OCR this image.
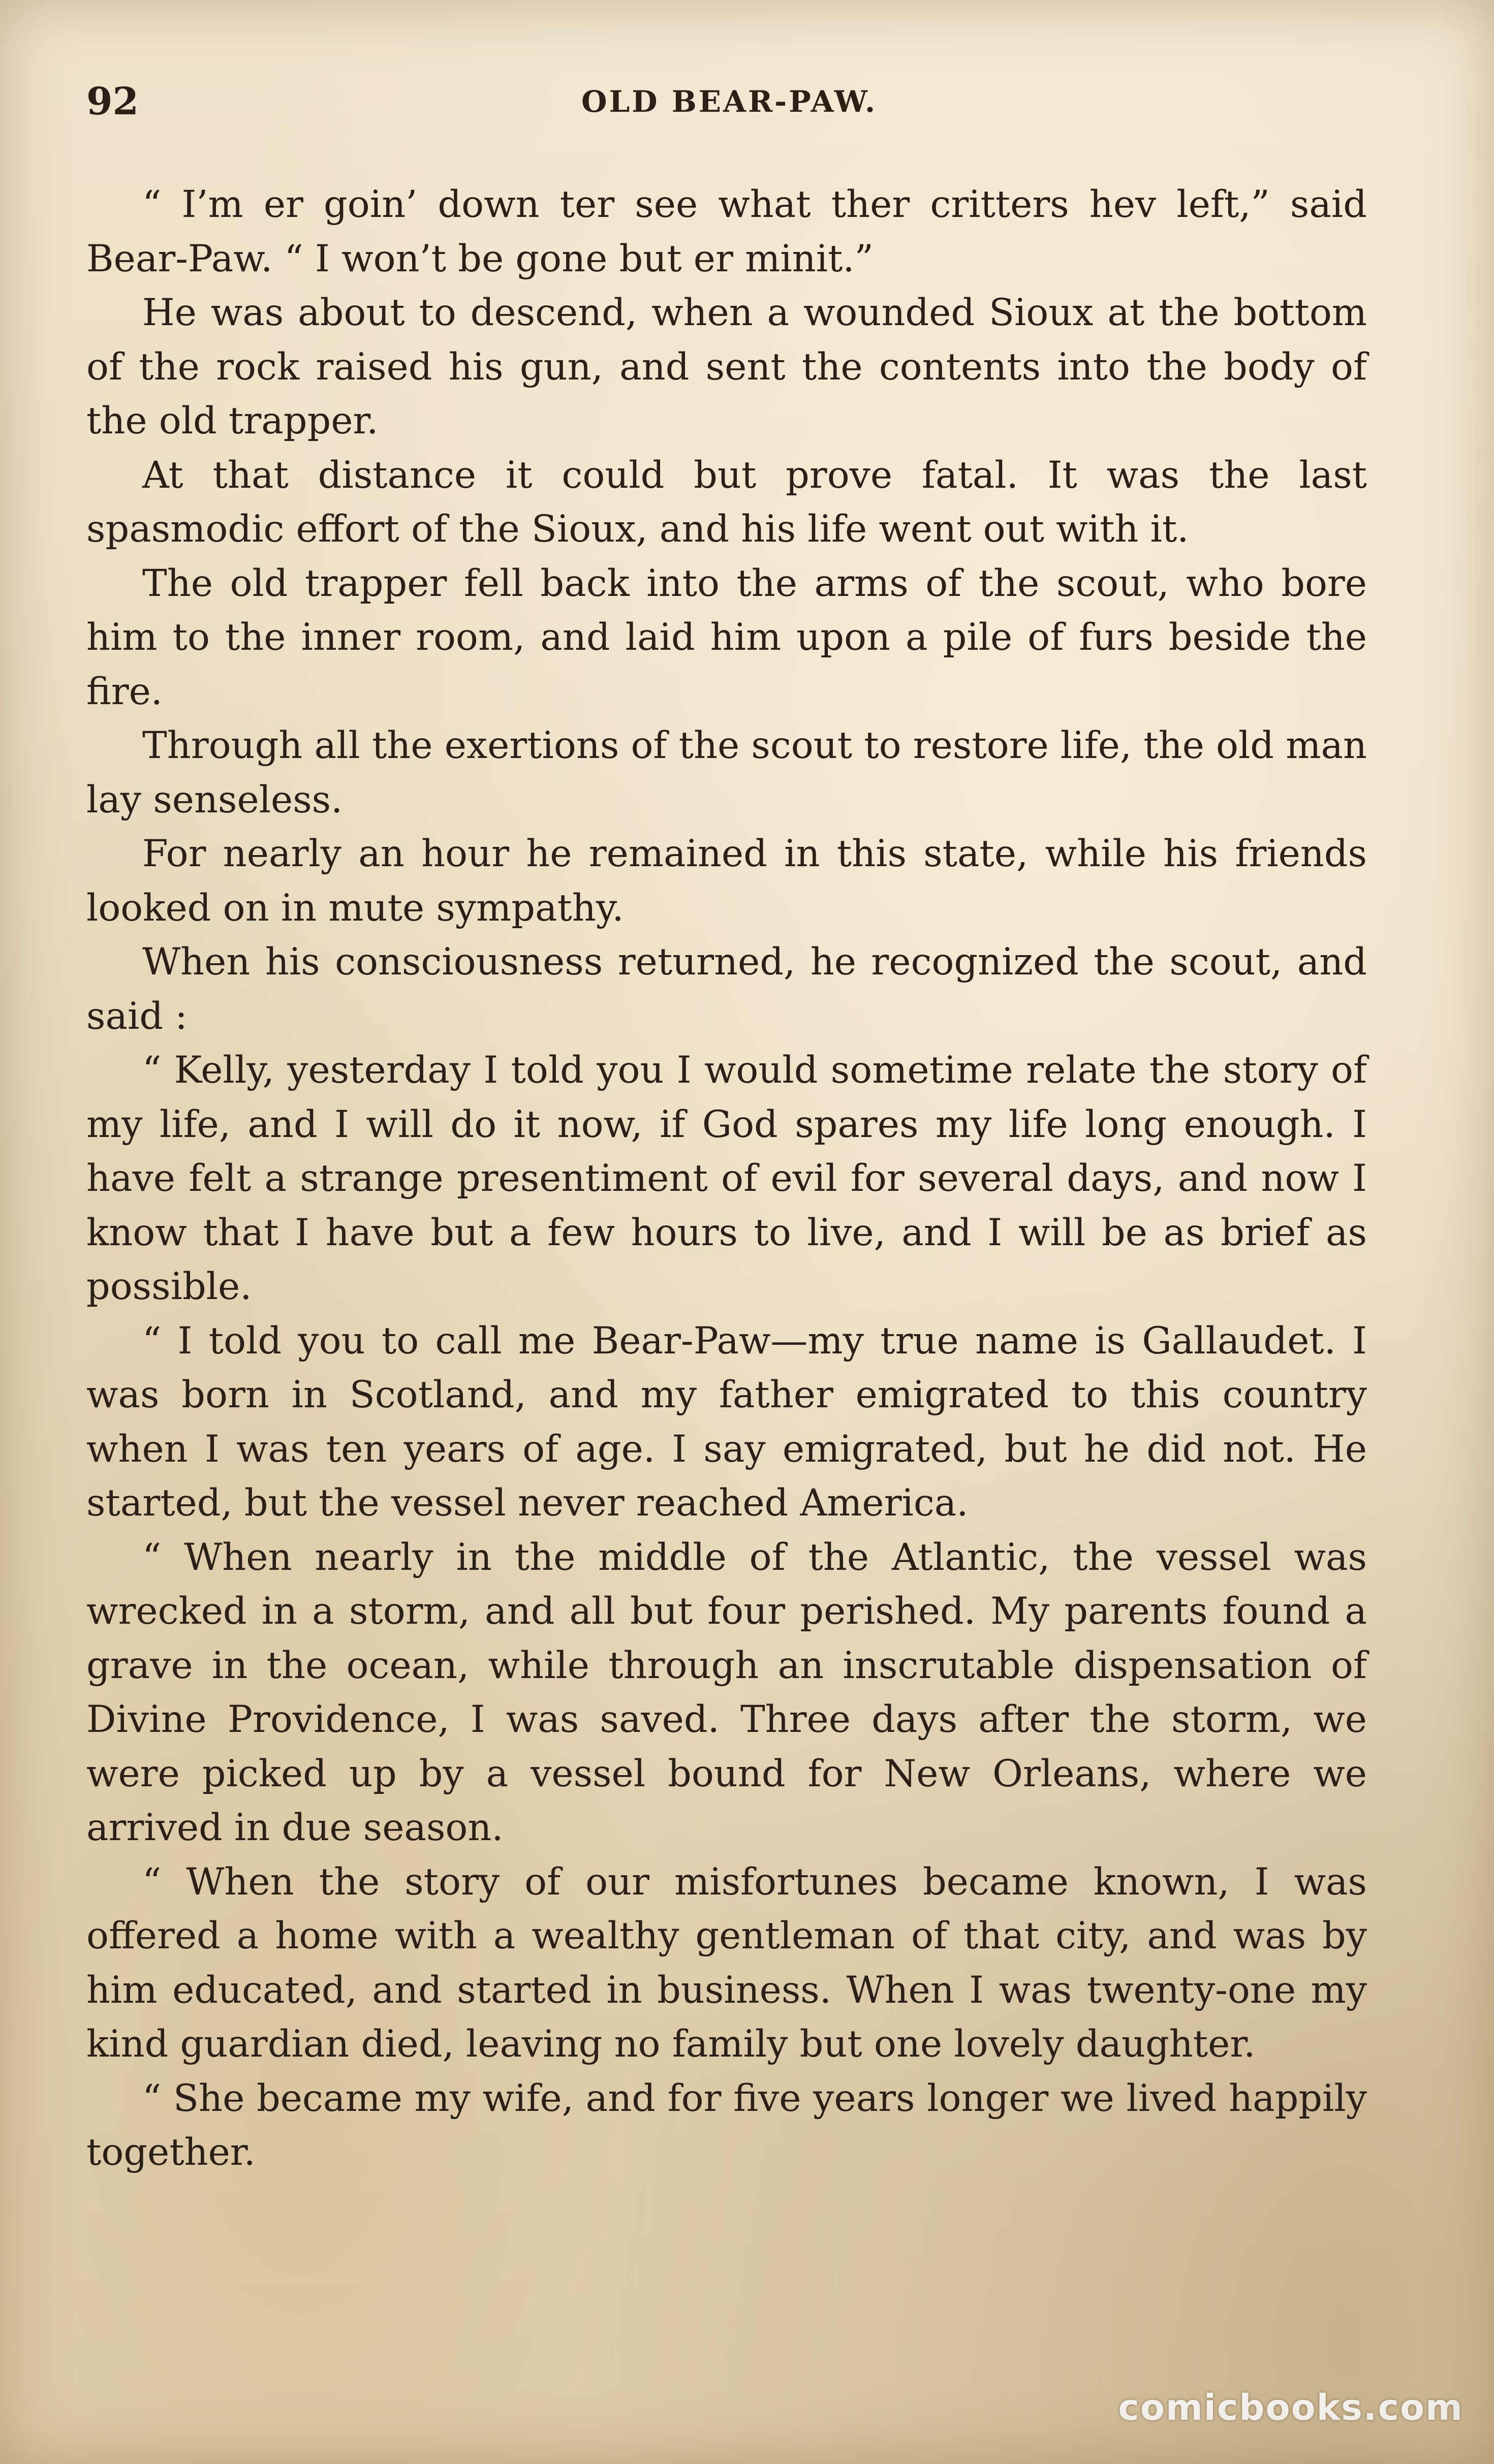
92	OLD BEAR-PAW.

“ I’m er goin’ down ter see what ther critters hev left,” said Bear-Paw. “ I won’t be gone but er minit.”

He was about to descend, when a wounded Sioux at the bottom of the rock raised his gun, and sent the contents into the body of the old trapper.

At that distance it could but prove fatal. It was the last spasmodic effort of the Sioux, and his life went out with it.

The old trapper fell back into the arms of the scout, who bore him to the inner room, and laid him upon a pile of furs beside the fire.

Through all the exertions of the scout to restore life, the old man lay senseless.

For nearly an hour he remained in this state, while his friends looked on in mute sympathy.

When his consciousness returned, he recognized the scout, and said :

“ Kelly, yesterday I told you I would sometime relate the story of my life, and I will do it now, if God spares my life long enough. I have felt a strange presentiment of evil for several days, and now I know that I have but a few hours to live, and I will be as brief as possible.

“ I told you to call me Bear-Paw—my true name is Gallaudet. I was born in Scotland, and my father emigrated to this country when I was ten years of age. I say emigrated, but he did not. He started, but the vessel never reached America.

“ When nearly in the middle of the Atlantic, the vessel was wrecked in a storm, and all but four perished. My parents found a grave in the ocean, while through an inscrutable dispensation of Divine Providence, I was saved. Three days after the storm, we were picked up by a vessel bound for New Orleans, where we arrived in due season.

“ When the story of our misfortunes became known, I was offered a home with a wealthy gentleman of that city, and was by him educated, and started in business. When I was twenty-one my kind guardian died, leaving no family but one lovely daughter.

“ She became my wife, and for five years longer we lived happily together.

comicbooks.com
